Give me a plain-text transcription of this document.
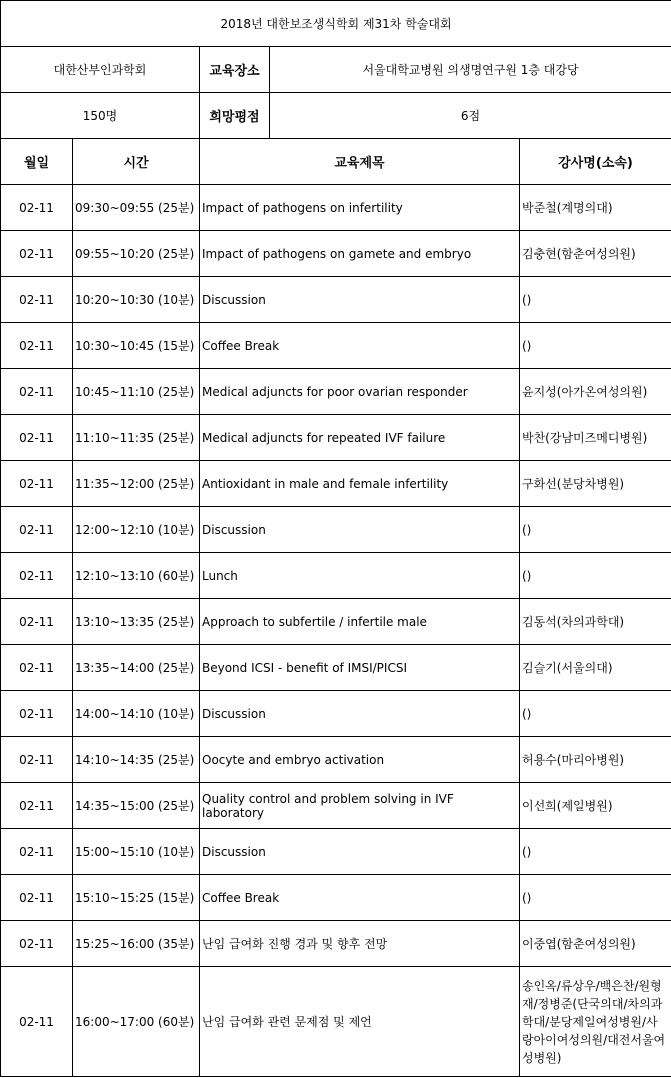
2018년 대한보조생식학회 제31차 학술대회				
대한산부인과학회		교육장소	서울대학교병원 의생명연구원 1층 대강당	
150명		희망평점	6점	
월일	시간	교육제목		강사명(소속)
02-11	09:30~09:55 (25분)	Impact of pathogens on infertility		박준철(계명의대)
02-11	09:55~10:20 (25분)	Impact of pathogens on gamete and embryo		김충현(함춘여성의원)
02-11	10:20~10:30 (10분)	Discussion		()
02-11	10:30~10:45 (15분)	Coffee Break		()
02-11	10:45~11:10 (25분)	Medical adjuncts for poor ovarian responder		윤지성(아가온여성의원)
02-11	11:10~11:35 (25분)	Medical adjuncts for repeated IVF failure		박찬(강남미즈메디병원)
02-11	11:35~12:00 (25분)	Antioxidant in male and female infertility		구화선(분당차병원)
02-11	12:00~12:10 (10분)	Discussion		()
02-11	12:10~13:10 (60분)	Lunch		()
02-11	13:10~13:35 (25분)	Approach to subfertile / infertile male		김동석(차의과학대)
02-11	13:35~14:00 (25분)	Beyond ICSI - benefit of IMSI/PICSI		김슬기(서울의대)
02-11	14:00~14:10 (10분)	Discussion		()
02-11	14:10~14:35 (25분)	Oocyte and embryo activation		허용수(마리아병원)
02-11	14:35~15:00 (25분)	Quality control and problem solving in IVF laboratory		이선희(제일병원)
02-11	15:00~15:10 (10분)	Discussion		()
02-11	15:10~15:25 (15분)	Coffee Break		()
02-11	15:25~16:00 (35분)	난임 급여화 진행 경과 및 향후 전망		이중엽(함춘여성의원)
02-11	16:00~17:00 (60분)	난임 급여화 관련 문제점 및 제언		송인옥/류상우/백은찬/원형재/정병준(단국의대/차의과학대/분당제일여성병원/사랑아이여성의원/대전서울여성병원)
